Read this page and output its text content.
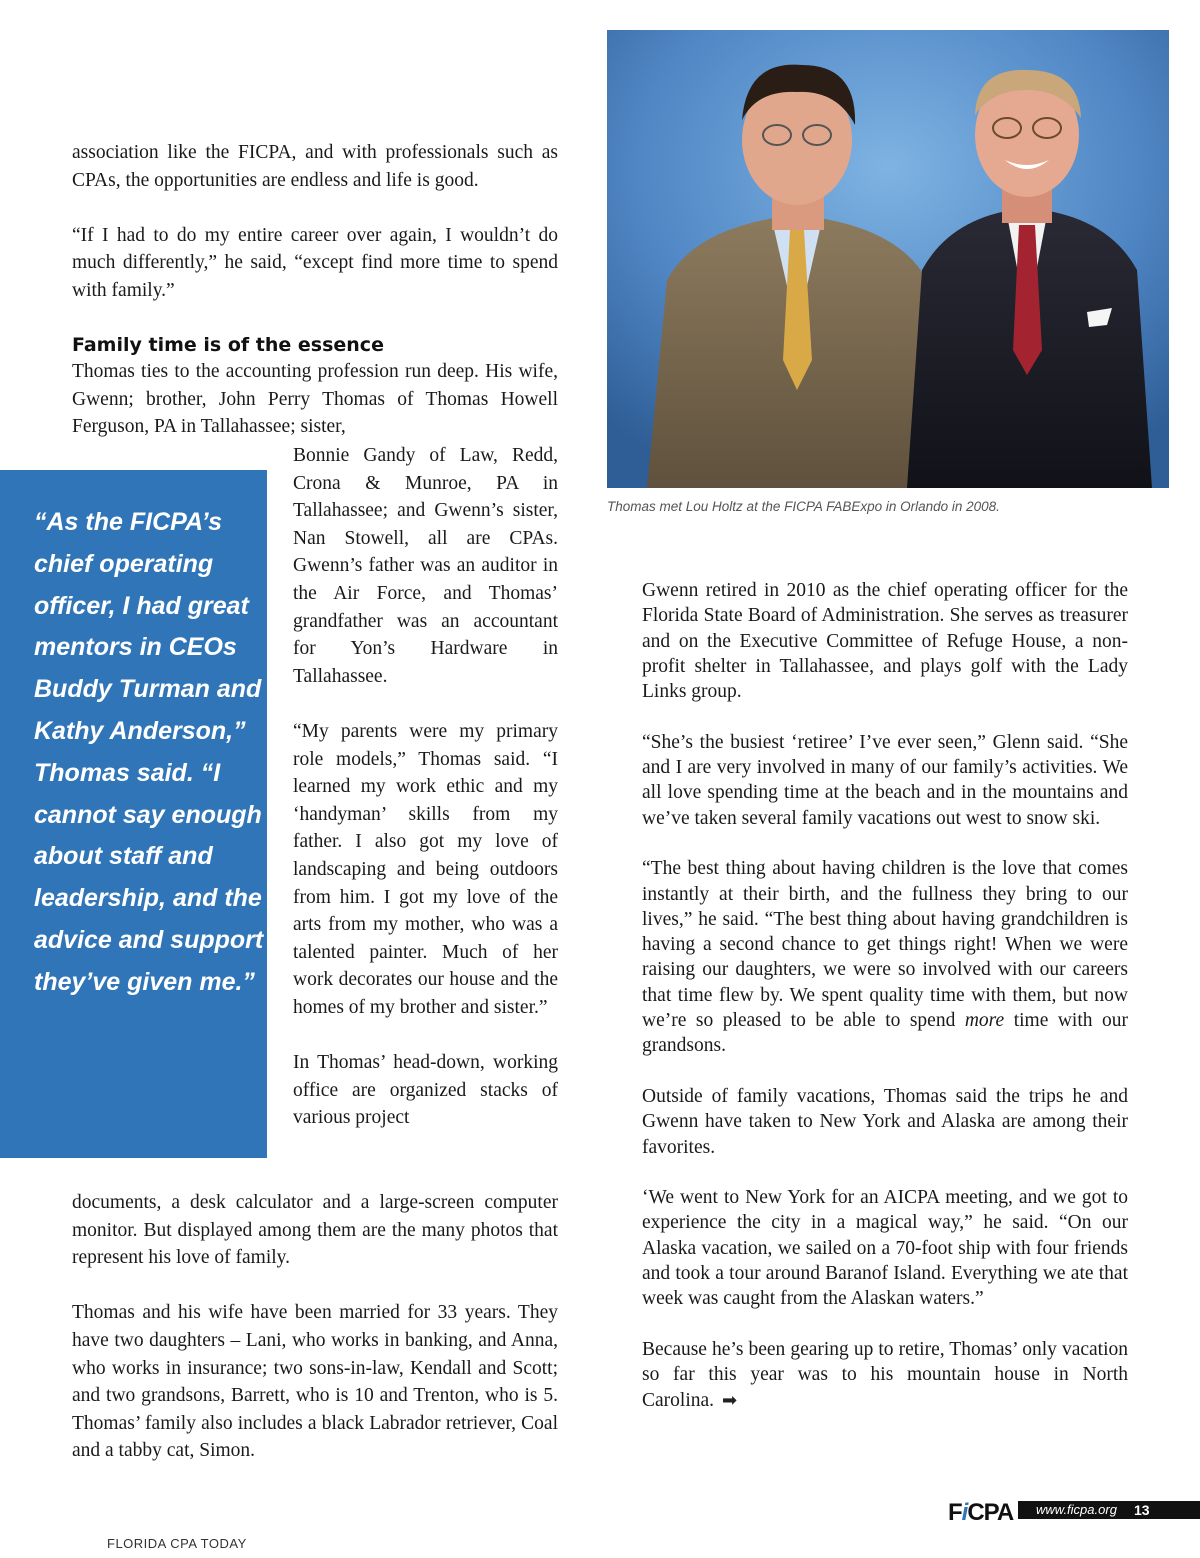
association like the FICPA, and with professionals such as CPAs, the opportunities are endless and life is good.

“If I had to do my entire career over again, I wouldn’t do much differently,” he said, “except find more time to spend with family.”

Family time is of the essence

Thomas ties to the accounting profession run deep. His wife, Gwenn; brother, John Perry Thomas of Thomas Howell Ferguson, PA in Tallahassee; sister,

“As the FICPA’s chief operating officer, I had great mentors in CEOs Buddy Turman and Kathy Anderson,” Thomas said. “I cannot say enough about staff and leadership, and the advice and support they’ve given me.”

Bonnie Gandy of Law, Redd, Crona & Munroe, PA in Tallahassee; and Gwenn’s sister, Nan Stowell, all are CPAs. Gwenn’s father was an auditor in the Air Force, and Thomas’ grandfather was an accountant for Yon’s Hardware in Tallahassee.

“My parents were my primary role models,” Thomas said. “I learned my work ethic and my ‘handyman’ skills from my father. I also got my love of landscaping and being outdoors from him. I got my love of the arts from my mother, who was a talented painter. Much of her work decorates our house and the homes of my brother and sister.”

In Thomas’ head-down, working office are organized stacks of various project

documents, a desk calculator and a large-screen computer monitor. But displayed among them are the many photos that represent his love of family.

Thomas and his wife have been married for 33 years. They have two daughters – Lani, who works in banking, and Anna, who works in insurance; two sons-in-law, Kendall and Scott; and two grandsons, Barrett, who is 10 and Trenton, who is 5. Thomas’ family also includes a black Labrador retriever, Coal and a tabby cat, Simon.

Thomas met Lou Holtz at the FICPA FABExpo in Orlando in 2008.

Gwenn retired in 2010 as the chief operating officer for the Florida State Board of Administration. She serves as treasurer and on the Executive Committee of Refuge House, a non-profit shelter in Tallahassee, and plays golf with the Lady Links group.

“She’s the busiest ‘retiree’ I’ve ever seen,” Glenn said. “She and I are very involved in many of our family’s activities. We all love spending time at the beach and in the mountains and we’ve taken several family vacations out west to snow ski.

“The best thing about having children is the love that comes instantly at their birth, and the fullness they bring to our lives,” he said. “The best thing about having grandchildren is having a second chance to get things right! When we were raising our daughters, we were so involved with our careers that time flew by. We spent quality time with them, but now we’re so pleased to be able to spend more time with our grandsons.

Outside of family vacations, Thomas said the trips he and Gwenn have taken to New York and Alaska are among their favorites.

‘We went to New York for an AICPA meeting, and we got to experience the city in a magical way,” he said. “On our Alaska vacation, we sailed on a 70-foot ship with four friends and took a tour around Baranof Island. Everything we ate that week was caught from the Alaskan waters.”

Because he’s been gearing up to retire, Thomas’ only vacation so far this year was to his mountain house in North Carolina. ➡

FLORIDA CPA TODAY
FiCPA www.ficpa.org 13
